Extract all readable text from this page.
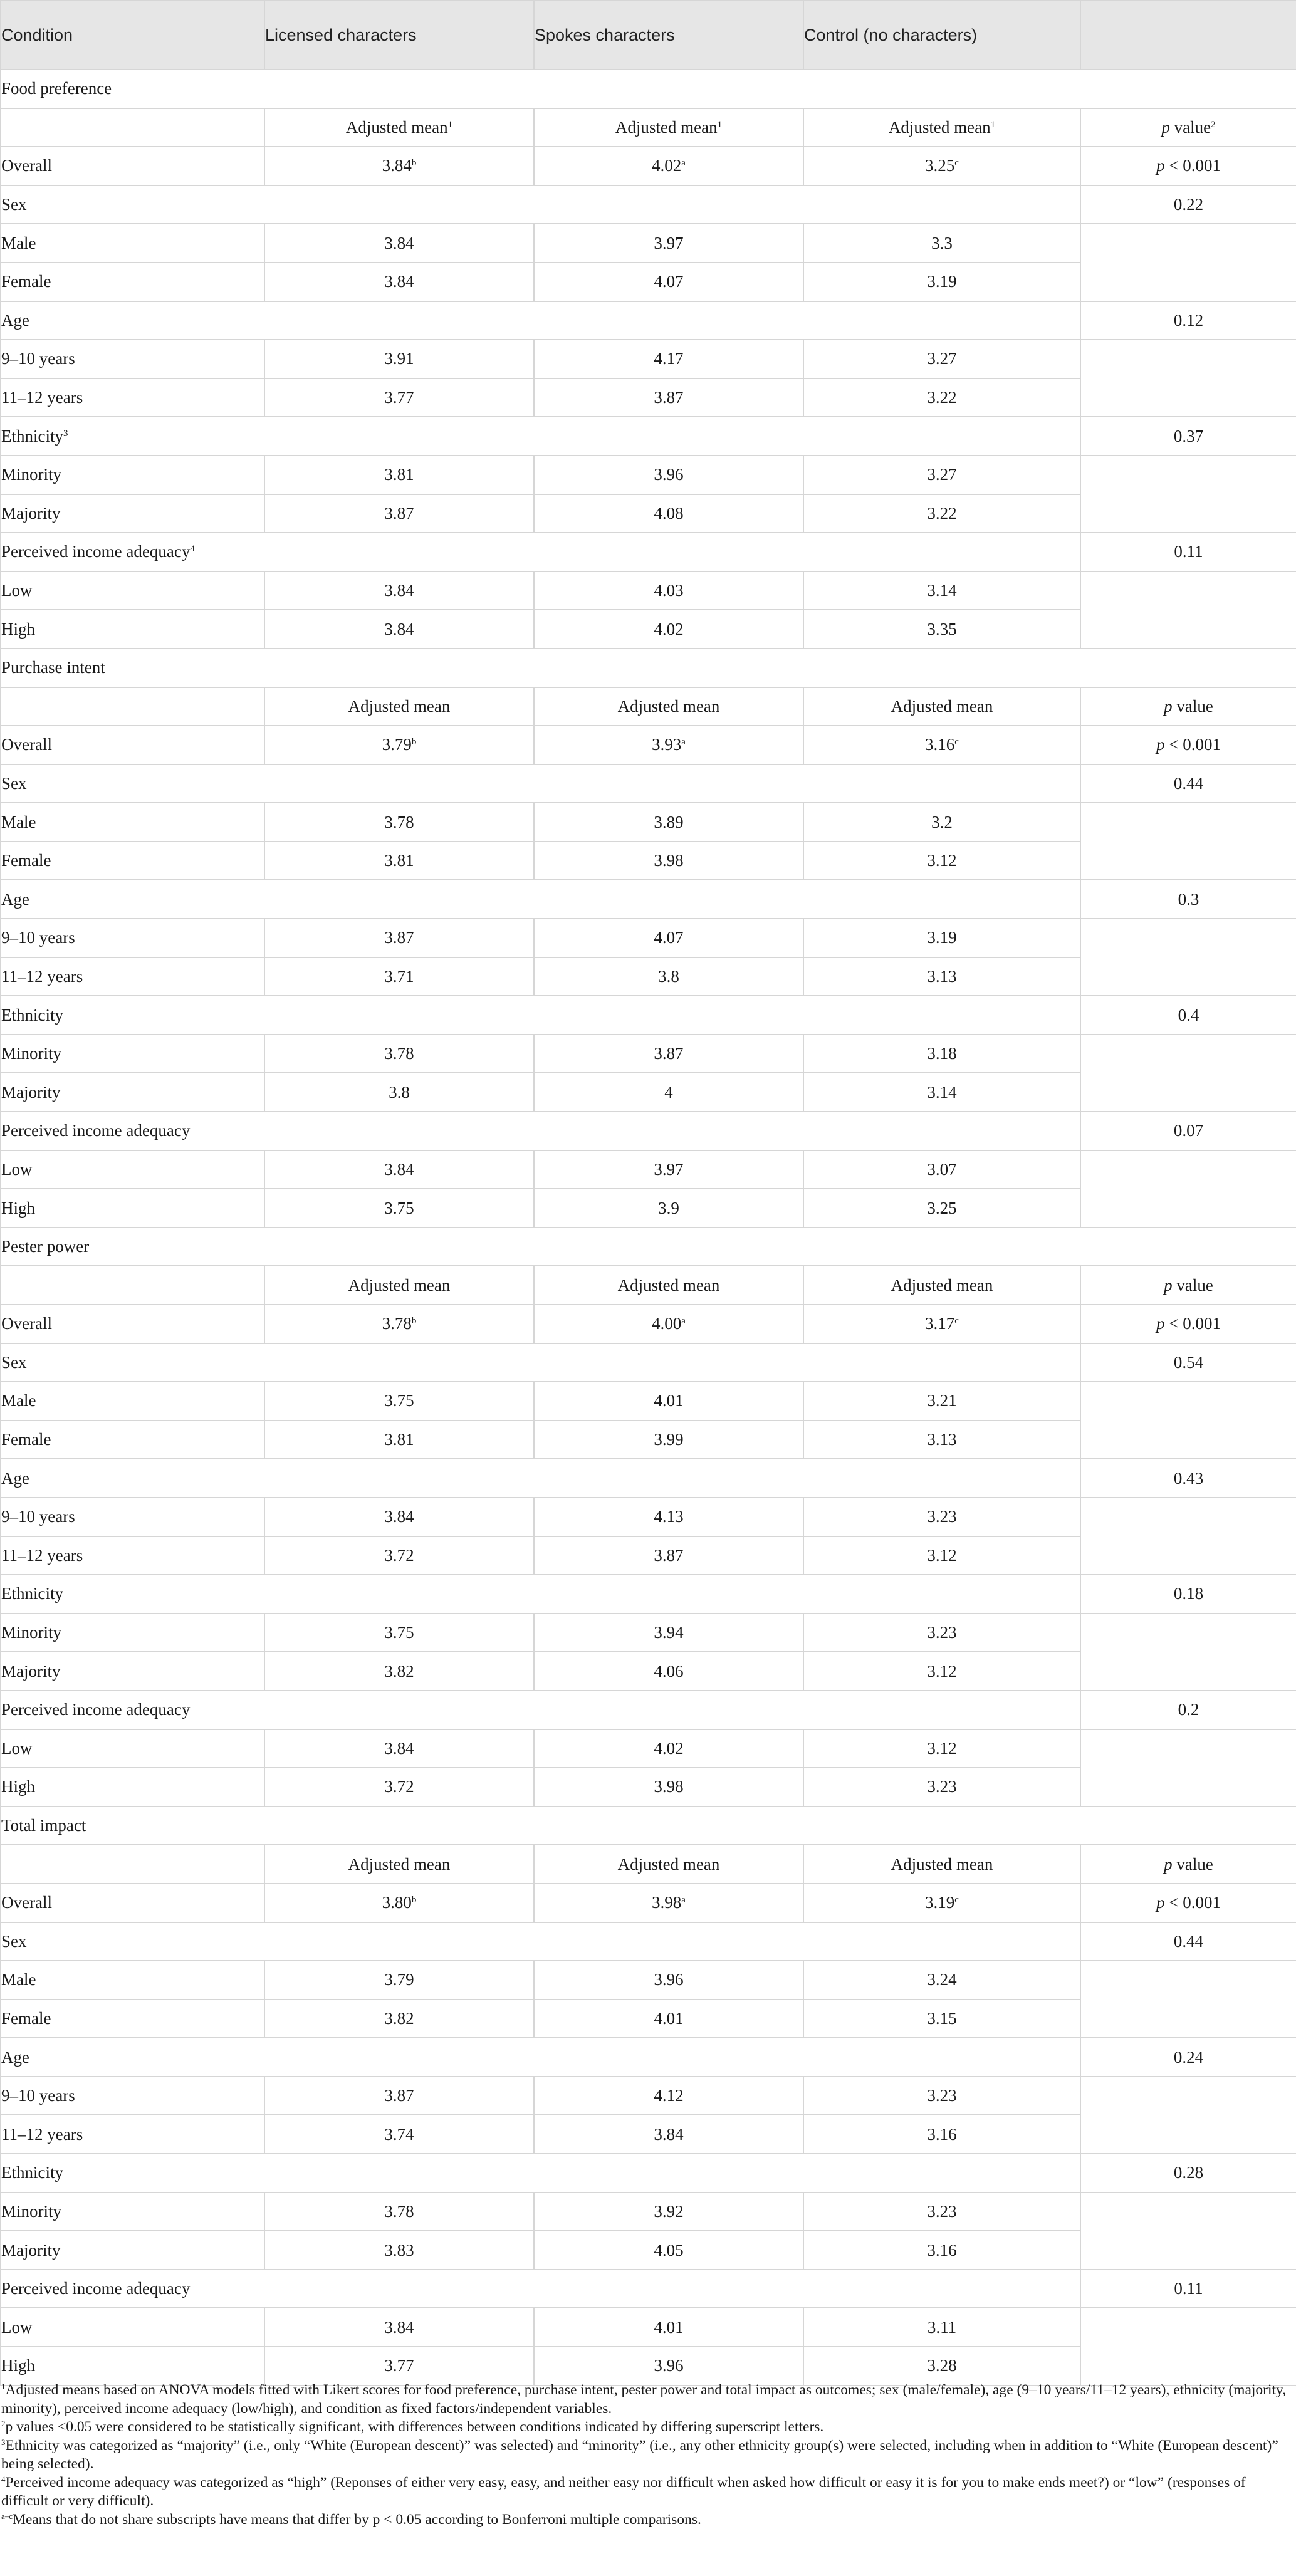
Condition	Licensed characters	Spokes characters	Control (no characters)	
Food preference				
	Adjusted mean$^1$	Adjusted mean$^1$	Adjusted mean$^1$	p value$^2$
Overall	3.84$^b$	4.02$^a$	3.25$^c$	p < 0.001
Sex				0.22
Male	3.84	3.97	3.3	
Female	3.84	4.07	3.19	
Age				0.12
9–10 years	3.91	4.17	3.27	
11–12 years	3.77	3.87	3.22	
Ethnicity$^3$				0.37
Minority	3.81	3.96	3.27	
Majority	3.87	4.08	3.22	
Perceived income adequacy$^4$				0.11
Low	3.84	4.03	3.14	
High	3.84	4.02	3.35	
Purchase intent				
	Adjusted mean	Adjusted mean	Adjusted mean	p value
Overall	3.79$^b$	3.93$^a$	3.16$^c$	p < 0.001
Sex				0.44
Male	3.78	3.89	3.2	
Female	3.81	3.98	3.12	
Age				0.3
9–10 years	3.87	4.07	3.19	
11–12 years	3.71	3.8	3.13	
Ethnicity				0.4
Minority	3.78	3.87	3.18	
Majority	3.8	4	3.14	
Perceived income adequacy				0.07
Low	3.84	3.97	3.07	
High	3.75	3.9	3.25	
Pester power				
	Adjusted mean	Adjusted mean	Adjusted mean	p value
Overall	3.78$^b$	4.00$^a$	3.17$^c$	p < 0.001
Sex				0.54
Male	3.75	4.01	3.21	
Female	3.81	3.99	3.13	
Age				0.43
9–10 years	3.84	4.13	3.23	
11–12 years	3.72	3.87	3.12	
Ethnicity				0.18
Minority	3.75	3.94	3.23	
Majority	3.82	4.06	3.12	
Perceived income adequacy				0.2
Low	3.84	4.02	3.12	
High	3.72	3.98	3.23	
Total impact				
	Adjusted mean	Adjusted mean	Adjusted mean	p value
Overall	3.80$^b$	3.98$^a$	3.19$^c$	p < 0.001
Sex				0.44
Male	3.79	3.96	3.24	
Female	3.82	4.01	3.15	
Age				0.24
9–10 years	3.87	4.12	3.23	
11–12 years	3.74	3.84	3.16	
Ethnicity				0.28
Minority	3.78	3.92	3.23	
Majority	3.83	4.05	3.16	
Perceived income adequacy				0.11
Low	3.84	4.01	3.11	
High	3.77	3.96	3.28	

$^1$Adjusted means based on ANOVA models fitted with Likert scores for food preference, purchase intent, pester power and total impact as outcomes; sex (male/female), age (9–10 years/11–12 years), ethnicity (majority, minority), perceived income adequacy (low/high), and condition as fixed factors/independent variables.

$^2$p values <0.05 were considered to be statistically significant, with differences between conditions indicated by differing superscript letters.

$^3$Ethnicity was categorized as “majority” (i.e., only “White (European descent)” was selected) and “minority” (i.e., any other ethnicity group(s) were selected, including when in addition to “White (European descent)” being selected).

$^4$Perceived income adequacy was categorized as “high” (Reponses of either very easy, easy, and neither easy nor difficult when asked how difficult or easy it is for you to make ends meet?) or “low” (responses of difficult or very difficult).

$^{a-c}$Means that do not share subscripts have means that differ by p < 0.05 according to Bonferroni multiple comparisons.
